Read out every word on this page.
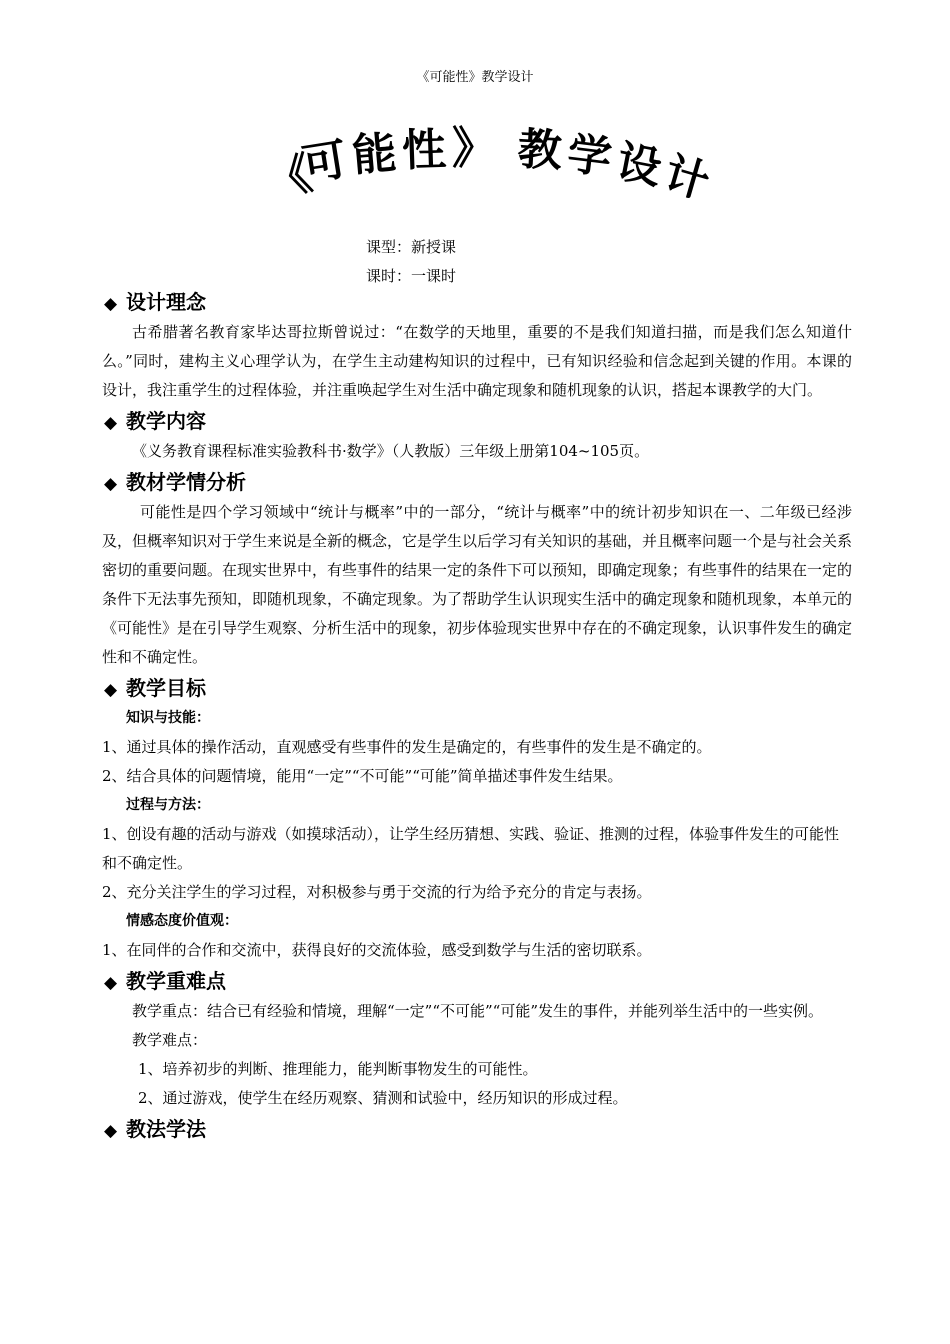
《可能性》教学设计
《
可 能 性 》 教 学
设
计
课型：新授课
课时：一课时
◆ 设计理念
古希腊著名教育家毕达哥拉斯曾说过：“在数学的天地里，重要的不是我们知道扫描，而是我们怎么知道什么。”同时，建构主义心理学认为，在学生主动建构知识的过程中，已有知识经验和信念起到关键的作用。本课的设计，我注重学生的过程体验，并注重唤起学生对生活中确定现象和随机现象的认识，搭起本课教学的大门。
◆ 教学内容
《义务教育课程标准实验教科书·数学》（人教版）三年级上册第104~105页。
◆ 教材学情分析
可能性是四个学习领域中“统计与概率”中的一部分，“统计与概率”中的统计初步知识在一、二年级已经涉及，但概率知识对于学生来说是全新的概念，它是学生以后学习有关知识的基础，并且概率问题一个是与社会关系密切的重要问题。在现实世界中，有些事件的结果一定的条件下可以预知，即确定现象；有些事件的结果在一定的条件下无法事先预知，即随机现象，不确定现象。为了帮助学生认识现实生活中的确定现象和随机现象，本单元的《可能性》是在引导学生观察、分析生活中的现象，初步体验现实世界中存在的不确定现象，认识事件发生的确定性和不确定性。
◆ 教学目标
知识与技能：
1、通过具体的操作活动，直观感受有些事件的发生是确定的，有些事件的发生是不确定的。
2、结合具体的问题情境，能用“一定”“不可能”“可能”简单描述事件发生结果。
过程与方法：
1、创设有趣的活动与游戏（如摸球活动），让学生经历猜想、实践、验证、推测的过程，体验事件发生的可能性和不确定性。
2、充分关注学生的学习过程，对积极参与勇于交流的行为给予充分的肯定与表扬。
情感态度价值观：
1、在同伴的合作和交流中，获得良好的交流体验，感受到数学与生活的密切联系。
◆ 教学重难点
教学重点：结合已有经验和情境，理解“一定”“不可能”“可能”发生的事件，并能列举生活中的一些实例。
教学难点：
1、培养初步的判断、推理能力，能判断事物发生的可能性。
2、通过游戏，使学生在经历观察、猜测和试验中，经历知识的形成过程。
◆ 教法学法
